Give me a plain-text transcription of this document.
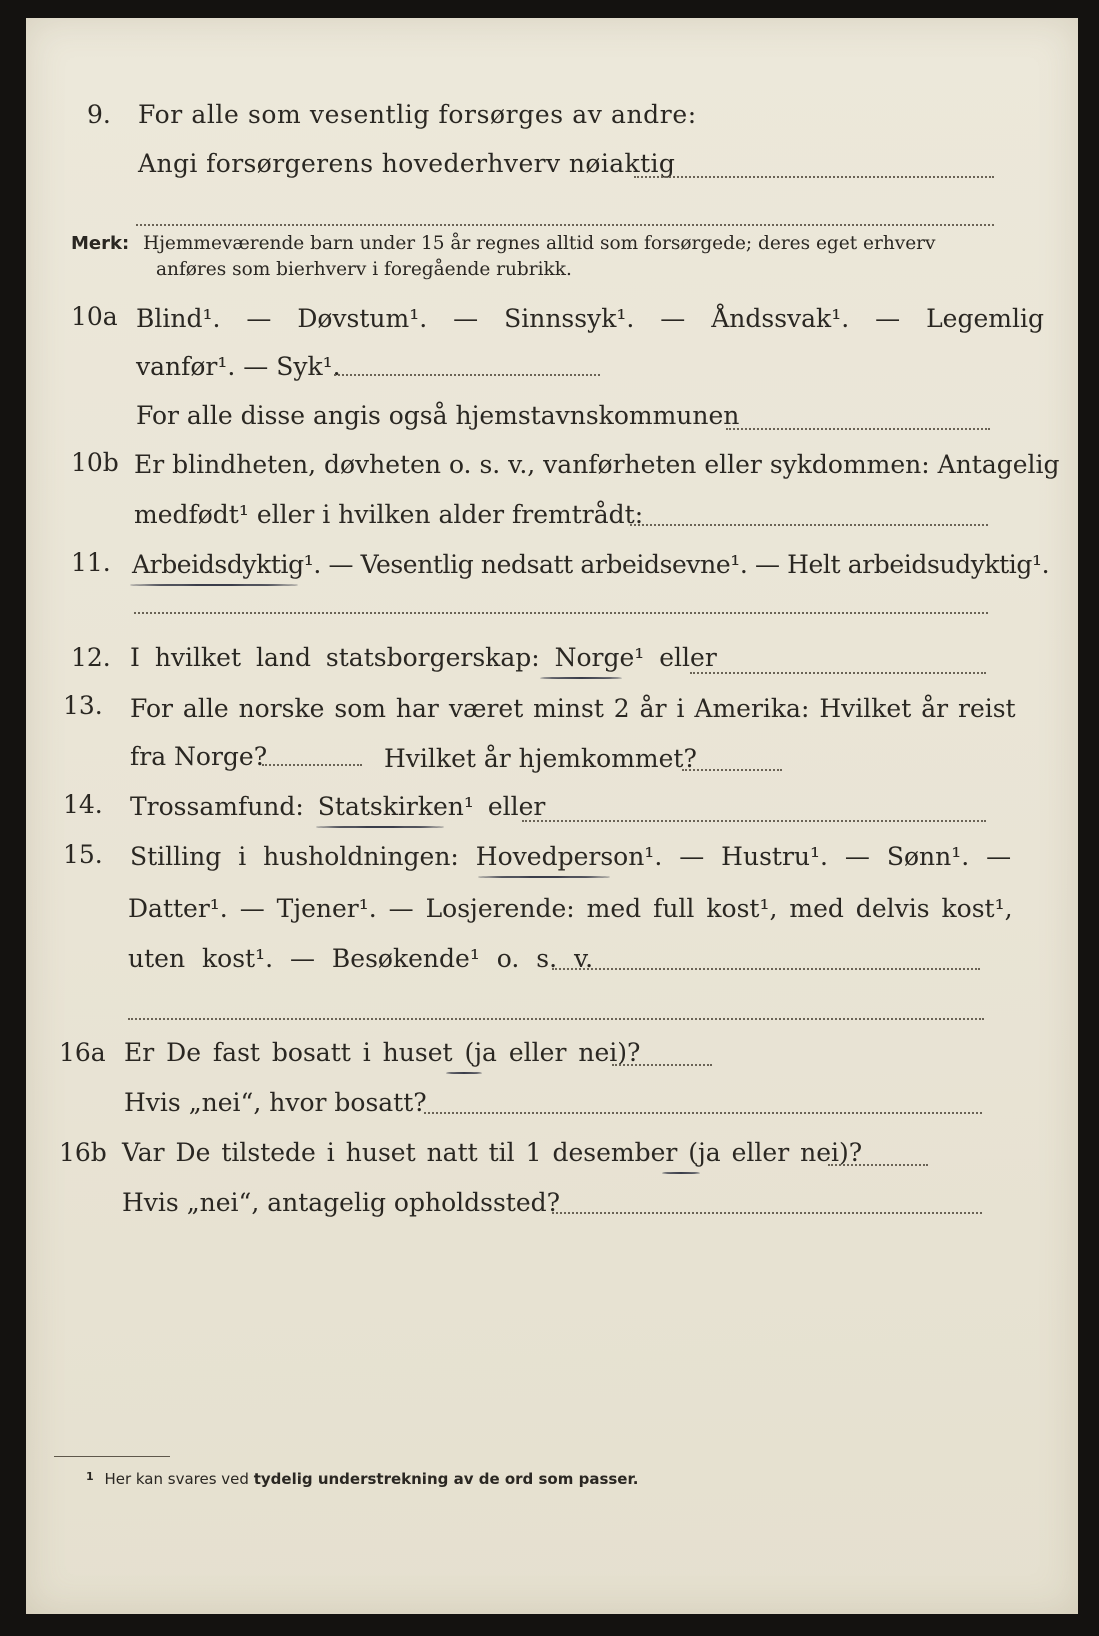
9. For alle som vesentlig forsørges av andre:
Angi forsørgerens hovederhverv nøiaktig
Merk: Hjemmeværende barn under 15 år regnes alltid som forsørgede; deres eget erhverv
anføres som bierhverv i foregående rubrikk.
10a Blind¹. — Døvstum¹. — Sinnssyk¹. — Åndssvak¹. — Legemlig
vanfør¹. — Syk¹.
For alle disse angis også hjemstavnskommunen
10b Er blindheten, døvheten o. s. v., vanførheten eller sykdommen: Antagelig
medfødt¹ eller i hvilken alder fremtrådt:
11. Arbeidsdyktig¹. — Vesentlig nedsatt arbeidsevne¹. — Helt arbeidsudyktig¹.
12. I hvilket land statsborgerskap: Norge¹ eller
13. For alle norske som har været minst 2 år i Amerika: Hvilket år reist
fra Norge?	Hvilket år hjemkommet?
14. Trossamfund: Statskirken¹ eller
15. Stilling i husholdningen: Hovedperson¹. — Hustru¹. — Sønn¹. —
Datter¹. — Tjener¹. — Losjerende: med full kost¹, med delvis kost¹,
uten kost¹. — Besøkende¹ o. s. v.
16a Er De fast bosatt i huset (ja eller nei)?
Hvis „nei“, hvor bosatt?
16b Var De tilstede i huset natt til 1 desember (ja eller nei)?
Hvis „nei“, antagelig opholdssted?
$^1$ Her kan svares ved tydelig understrekning av de ord som passer.
